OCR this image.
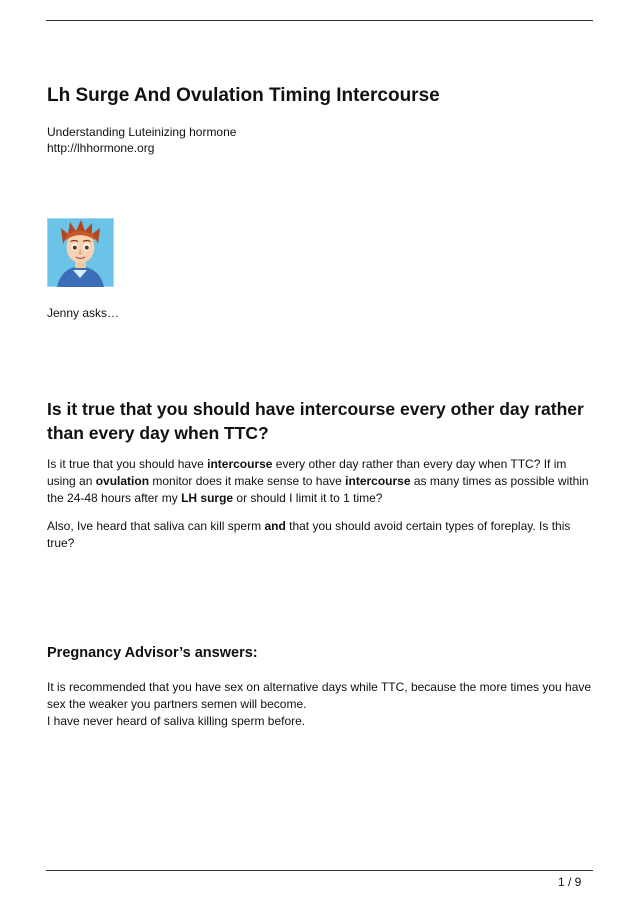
Lh Surge And Ovulation Timing Intercourse
Understanding Luteinizing hormone
http://lhhormone.org
Jenny asks…
Is it true that you should have intercourse every other day rather than every day when TTC?
Is it true that you should have intercourse every other day rather than every day when TTC? If im using an ovulation monitor does it make sense to have intercourse as many times as possible within the 24-48 hours after my LH surge or should I limit it to 1 time?
Also, Ive heard that saliva can kill sperm and that you should avoid certain types of foreplay. Is this true?
Pregnancy Advisor’s answers:
It is recommended that you have sex on alternative days while TTC, because the more times you have sex the weaker you partners semen will become.
I have never heard of saliva killing sperm before.
1 / 9
